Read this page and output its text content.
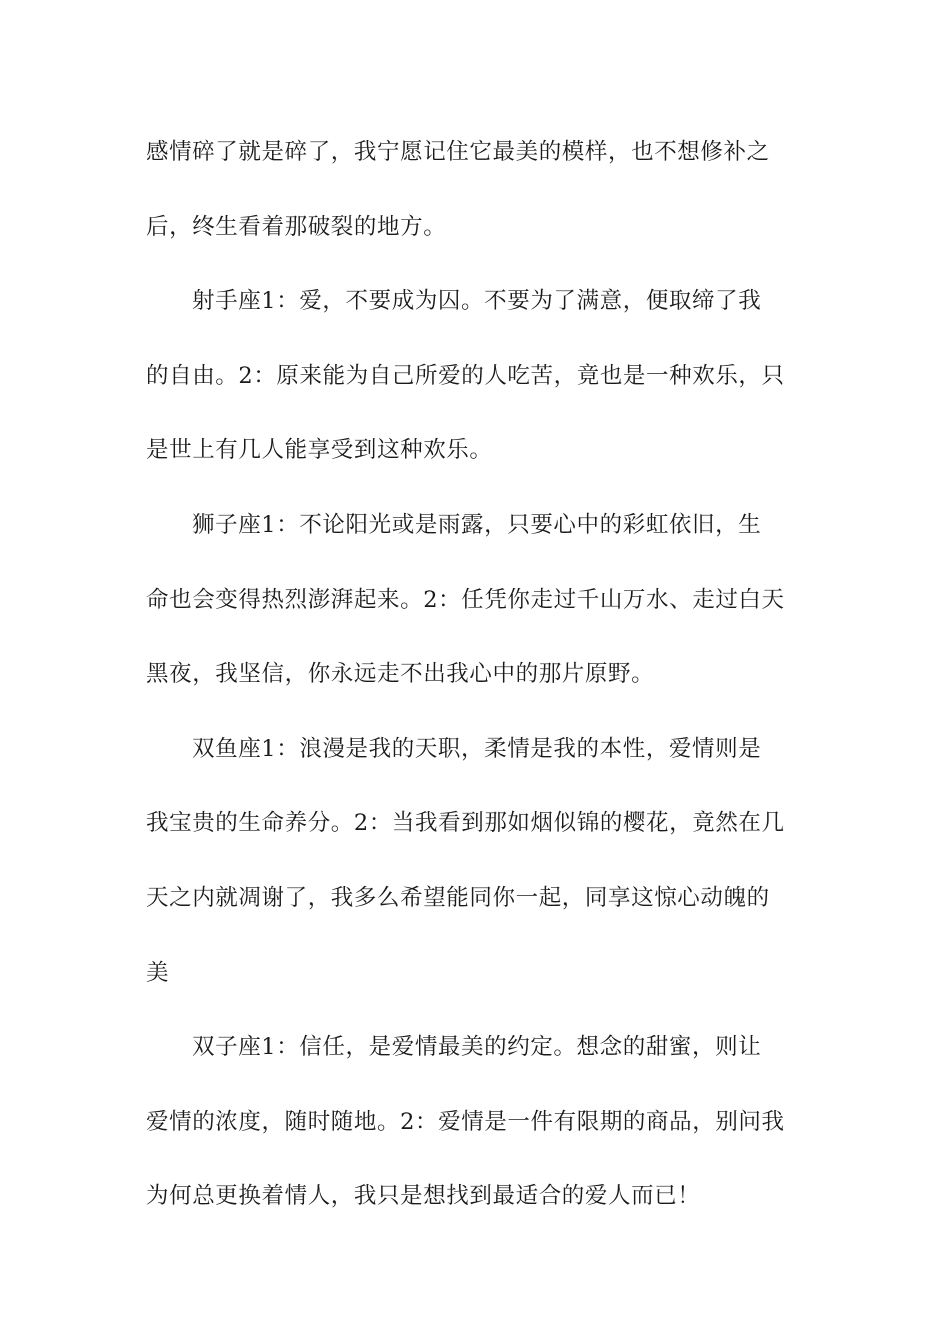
感情碎了就是碎了，我宁愿记住它最美的模样，也不想修补之
后，终生看着那破裂的地方。
射手座1：爱，不要成为囚。不要为了满意，便取缔了我
的自由。2：原来能为自己所爱的人吃苦，竟也是一种欢乐，只
是世上有几人能享受到这种欢乐。
狮子座1：不论阳光或是雨露，只要心中的彩虹依旧，生
命也会变得热烈澎湃起来。2：任凭你走过千山万水、走过白天
黑夜，我坚信，你永远走不出我心中的那片原野。
双鱼座1：浪漫是我的天职，柔情是我的本性，爱情则是
我宝贵的生命养分。2：当我看到那如烟似锦的樱花，竟然在几
天之内就凋谢了，我多么希望能同你一起，同享这惊心动魄的
美
双子座1：信任，是爱情最美的约定。想念的甜蜜，则让
爱情的浓度，随时随地。2：爱情是一件有限期的商品，别问我
为何总更换着情人，我只是想找到最适合的爱人而已！
